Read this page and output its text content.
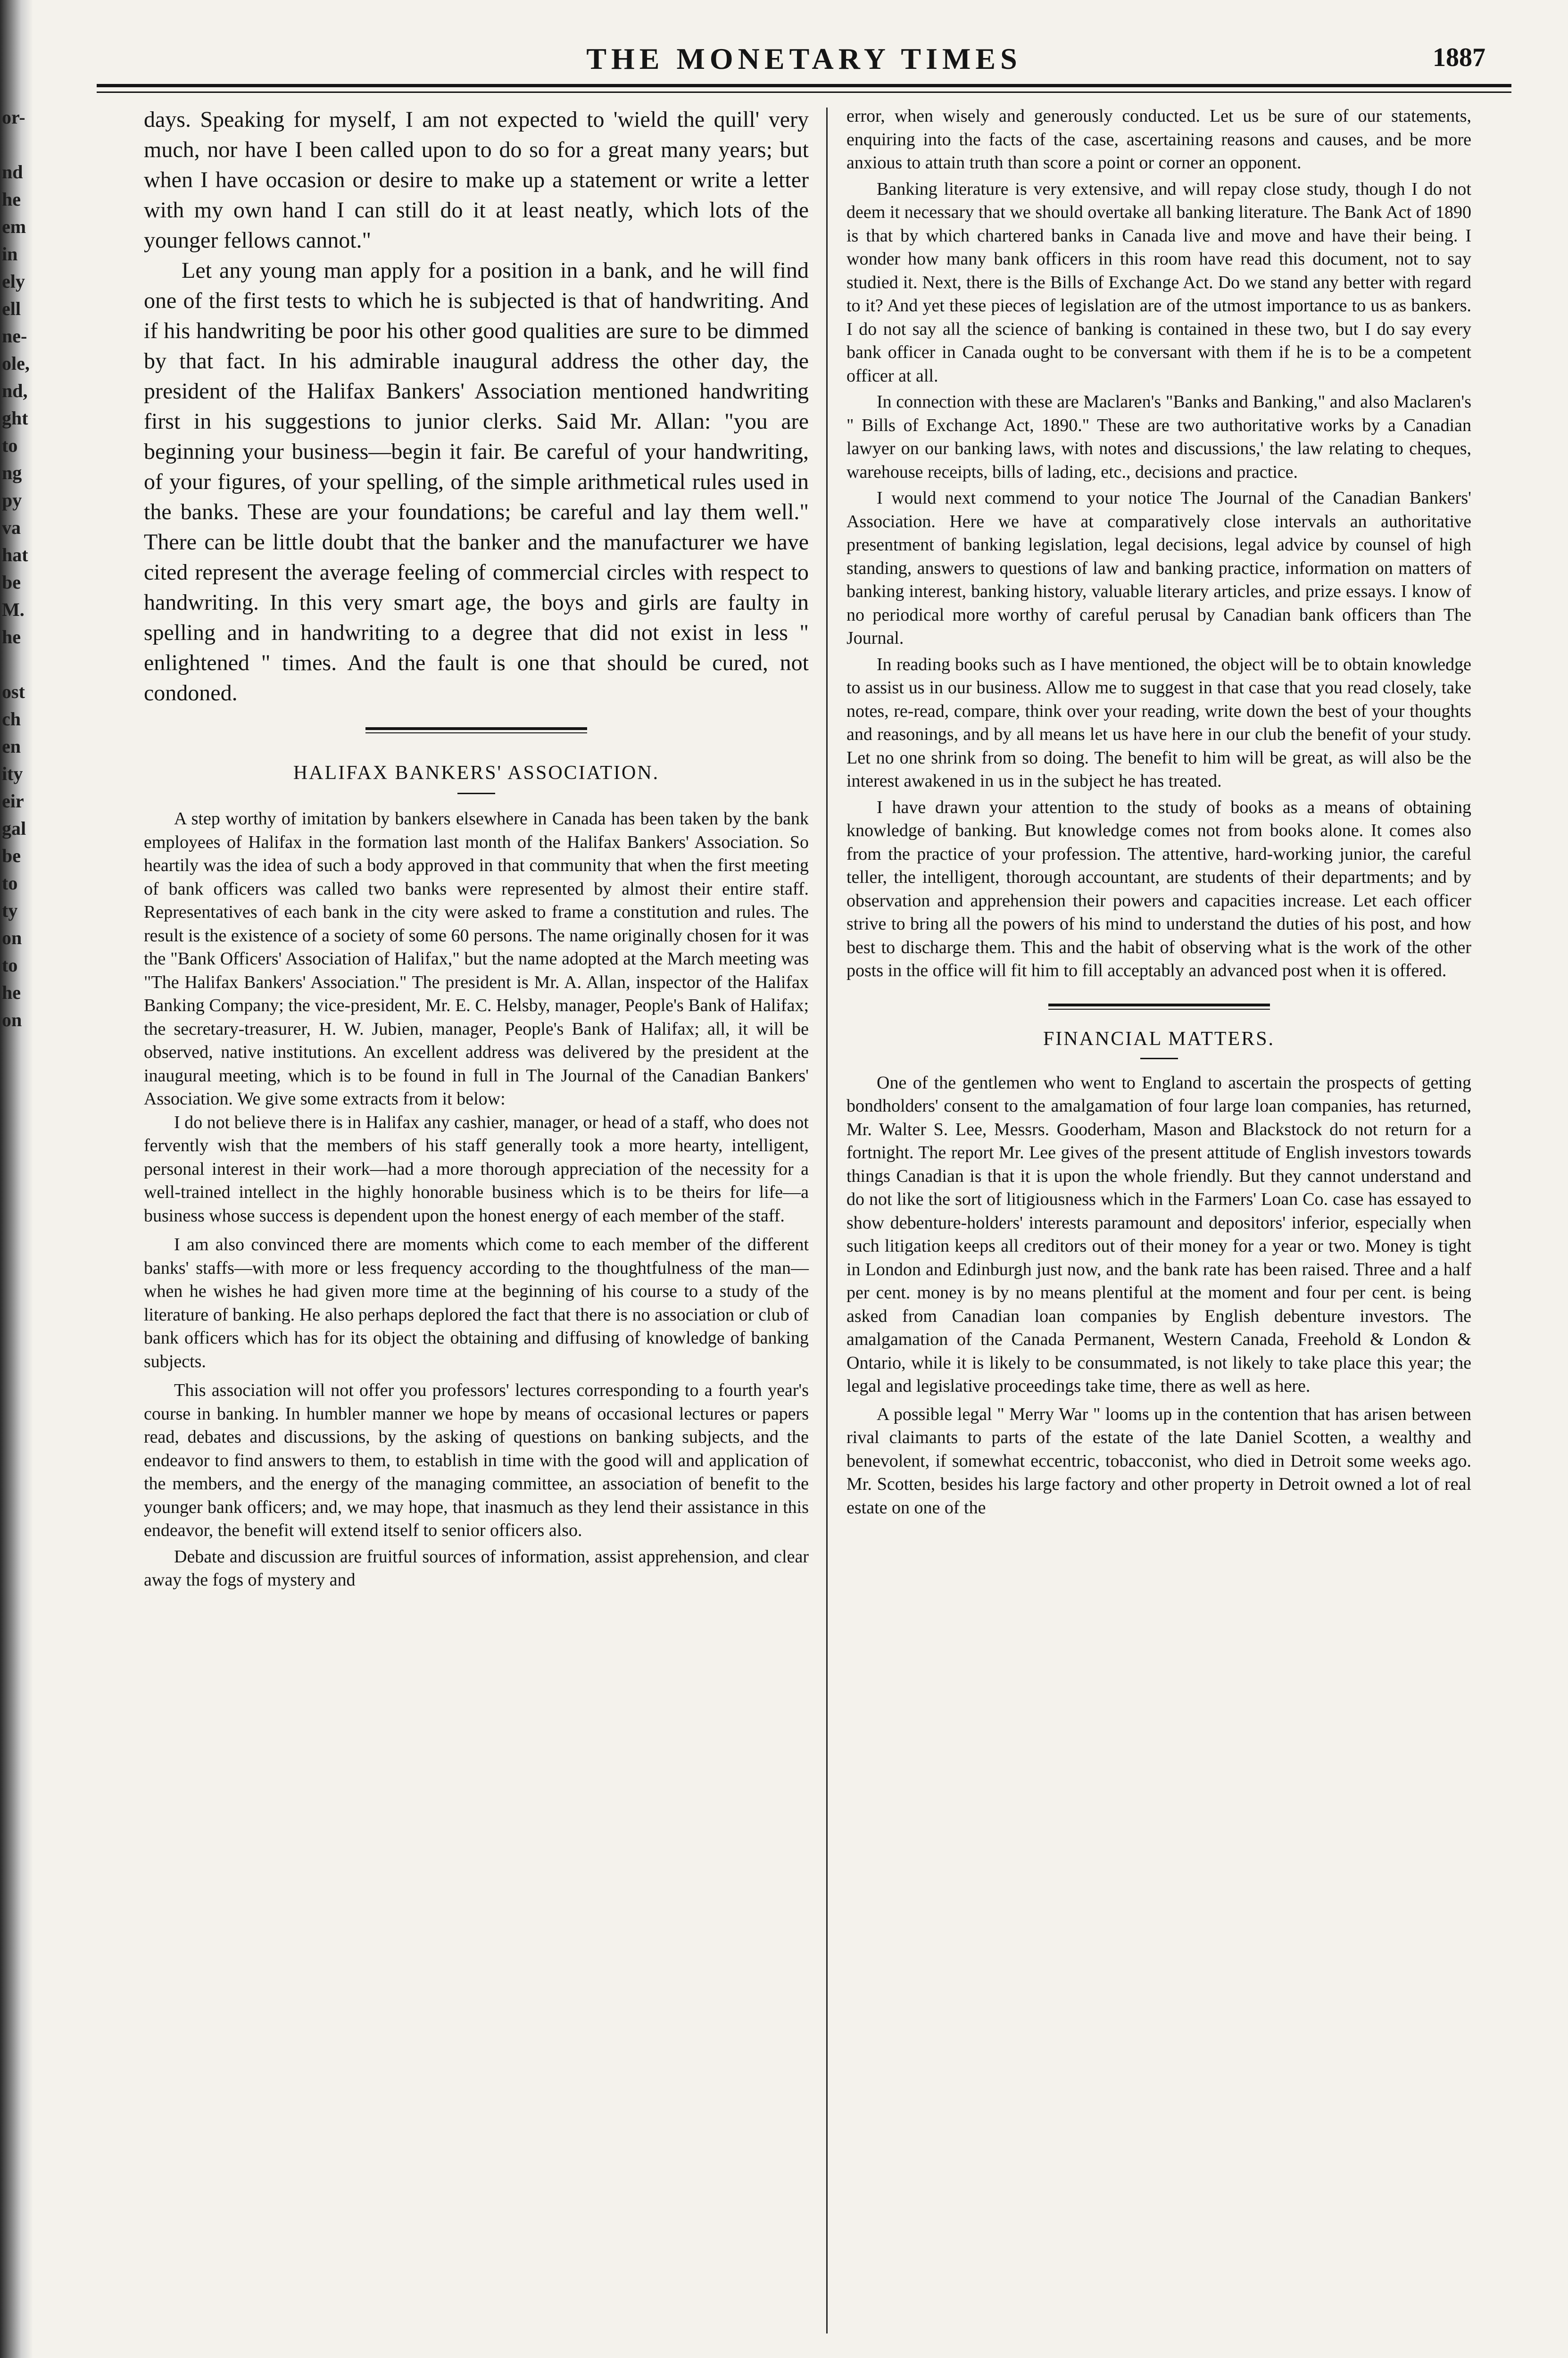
or-
nd
he
em
in
ely
ell
ne-
ole,
nd,
ght
to
ng
py
va
hat
be
M.
he
ost
ch
en
ity
eir
gal
be
to
ty
on
to
he
on
THE MONETARY TIMES	1887

days. Speaking for myself, I am not expected to 'wield the quill' very much, nor have I been called upon to do so for a great many years; but when I have occasion or desire to make up a statement or write a letter with my own hand I can still do it at least neatly, which lots of the younger fellows cannot."

Let any young man apply for a position in a bank, and he will find one of the first tests to which he is subjected is that of handwriting. And if his handwriting be poor his other good qualities are sure to be dimmed by that fact. In his admirable inaugural address the other day, the president of the Halifax Bankers' Association mentioned handwriting first in his suggestions to junior clerks. Said Mr. Allan: "you are beginning your business—begin it fair. Be careful of your handwriting, of your figures, of your spelling, of the simple arithmetical rules used in the banks. These are your foundations; be careful and lay them well." There can be little doubt that the banker and the manufacturer we have cited represent the average feeling of commercial circles with respect to handwriting. In this very smart age, the boys and girls are faulty in spelling and in handwriting to a degree that did not exist in less " enlightened " times. And the fault is one that should be cured, not condoned.

HALIFAX BANKERS' ASSOCIATION.

A step worthy of imitation by bankers elsewhere in Canada has been taken by the bank employees of Halifax in the formation last month of the Halifax Bankers' Association. So heartily was the idea of such a body approved in that community that when the first meeting of bank officers was called two banks were represented by almost their entire staff. Representatives of each bank in the city were asked to frame a constitution and rules. The result is the existence of a society of some 60 persons. The name originally chosen for it was the "Bank Officers' Association of Halifax," but the name adopted at the March meeting was "The Halifax Bankers' Association." The president is Mr. A. Allan, inspector of the Halifax Banking Company; the vice-president, Mr. E. C. Helsby, manager, People's Bank of Halifax; the secretary-treasurer, H. W. Jubien, manager, People's Bank of Halifax; all, it will be observed, native institutions. An excellent address was delivered by the president at the inaugural meeting, which is to be found in full in The Journal of the Canadian Bankers' Association. We give some extracts from it below:

I do not believe there is in Halifax any cashier, manager, or head of a staff, who does not fervently wish that the members of his staff generally took a more hearty, intelligent, personal interest in their work—had a more thorough appreciation of the necessity for a well-trained intellect in the highly honorable business which is to be theirs for life—a business whose success is dependent upon the honest energy of each member of the staff.

I am also convinced there are moments which come to each member of the different banks' staffs—with more or less frequency according to the thoughtfulness of the man—when he wishes he had given more time at the beginning of his course to a study of the literature of banking. He also perhaps deplored the fact that there is no association or club of bank officers which has for its object the obtaining and diffusing of knowledge of banking subjects.

This association will not offer you professors' lectures corresponding to a fourth year's course in banking. In humbler manner we hope by means of occasional lectures or papers read, debates and discussions, by the asking of questions on banking subjects, and the endeavor to find answers to them, to establish in time with the good will and application of the members, and the energy of the managing committee, an association of benefit to the younger bank officers; and, we may hope, that inasmuch as they lend their assistance in this endeavor, the benefit will extend itself to senior officers also.

Debate and discussion are fruitful sources of information, assist apprehension, and clear away the fogs of mystery and

error, when wisely and generously conducted. Let us be sure of our statements, enquiring into the facts of the case, ascertaining reasons and causes, and be more anxious to attain truth than score a point or corner an opponent.

Banking literature is very extensive, and will repay close study, though I do not deem it necessary that we should overtake all banking literature. The Bank Act of 1890 is that by which chartered banks in Canada live and move and have their being. I wonder how many bank officers in this room have read this document, not to say studied it. Next, there is the Bills of Exchange Act. Do we stand any better with regard to it? And yet these pieces of legislation are of the utmost importance to us as bankers. I do not say all the science of banking is contained in these two, but I do say every bank officer in Canada ought to be conversant with them if he is to be a competent officer at all.

In connection with these are Maclaren's "Banks and Banking," and also Maclaren's " Bills of Exchange Act, 1890." These are two authoritative works by a Canadian lawyer on our banking laws, with notes and discussions,' the law relating to cheques, warehouse receipts, bills of lading, etc., decisions and practice.

I would next commend to your notice The Journal of the Canadian Bankers' Association. Here we have at comparatively close intervals an authoritative presentment of banking legislation, legal decisions, legal advice by counsel of high standing, answers to questions of law and banking practice, information on matters of banking interest, banking history, valuable literary articles, and prize essays. I know of no periodical more worthy of careful perusal by Canadian bank officers than The Journal.

In reading books such as I have mentioned, the object will be to obtain knowledge to assist us in our business. Allow me to suggest in that case that you read closely, take notes, re-read, compare, think over your reading, write down the best of your thoughts and reasonings, and by all means let us have here in our club the benefit of your study. Let no one shrink from so doing. The benefit to him will be great, as will also be the interest awakened in us in the subject he has treated.

I have drawn your attention to the study of books as a means of obtaining knowledge of banking. But knowledge comes not from books alone. It comes also from the practice of your profession. The attentive, hard-working junior, the careful teller, the intelligent, thorough accountant, are students of their departments; and by observation and apprehension their powers and capacities increase. Let each officer strive to bring all the powers of his mind to understand the duties of his post, and how best to discharge them. This and the habit of observing what is the work of the other posts in the office will fit him to fill acceptably an advanced post when it is offered.

FINANCIAL MATTERS.

One of the gentlemen who went to England to ascertain the prospects of getting bondholders' consent to the amalgamation of four large loan companies, has returned, Mr. Walter S. Lee, Messrs. Gooderham, Mason and Blackstock do not return for a fortnight. The report Mr. Lee gives of the present attitude of English investors towards things Canadian is that it is upon the whole friendly. But they cannot understand and do not like the sort of litigiousness which in the Farmers' Loan Co. case has essayed to show debenture-holders' interests paramount and depositors' inferior, especially when such litigation keeps all creditors out of their money for a year or two. Money is tight in London and Edinburgh just now, and the bank rate has been raised. Three and a half per cent. money is by no means plentiful at the moment and four per cent. is being asked from Canadian loan companies by English debenture investors. The amalgamation of the Canada Permanent, Western Canada, Freehold & London & Ontario, while it is likely to be consummated, is not likely to take place this year; the legal and legislative proceedings take time, there as well as here.

A possible legal " Merry War " looms up in the contention that has arisen between rival claimants to parts of the estate of the late Daniel Scotten, a wealthy and benevolent, if somewhat eccentric, tobacconist, who died in Detroit some weeks ago. Mr. Scotten, besides his large factory and other property in Detroit owned a lot of real estate on one of the
